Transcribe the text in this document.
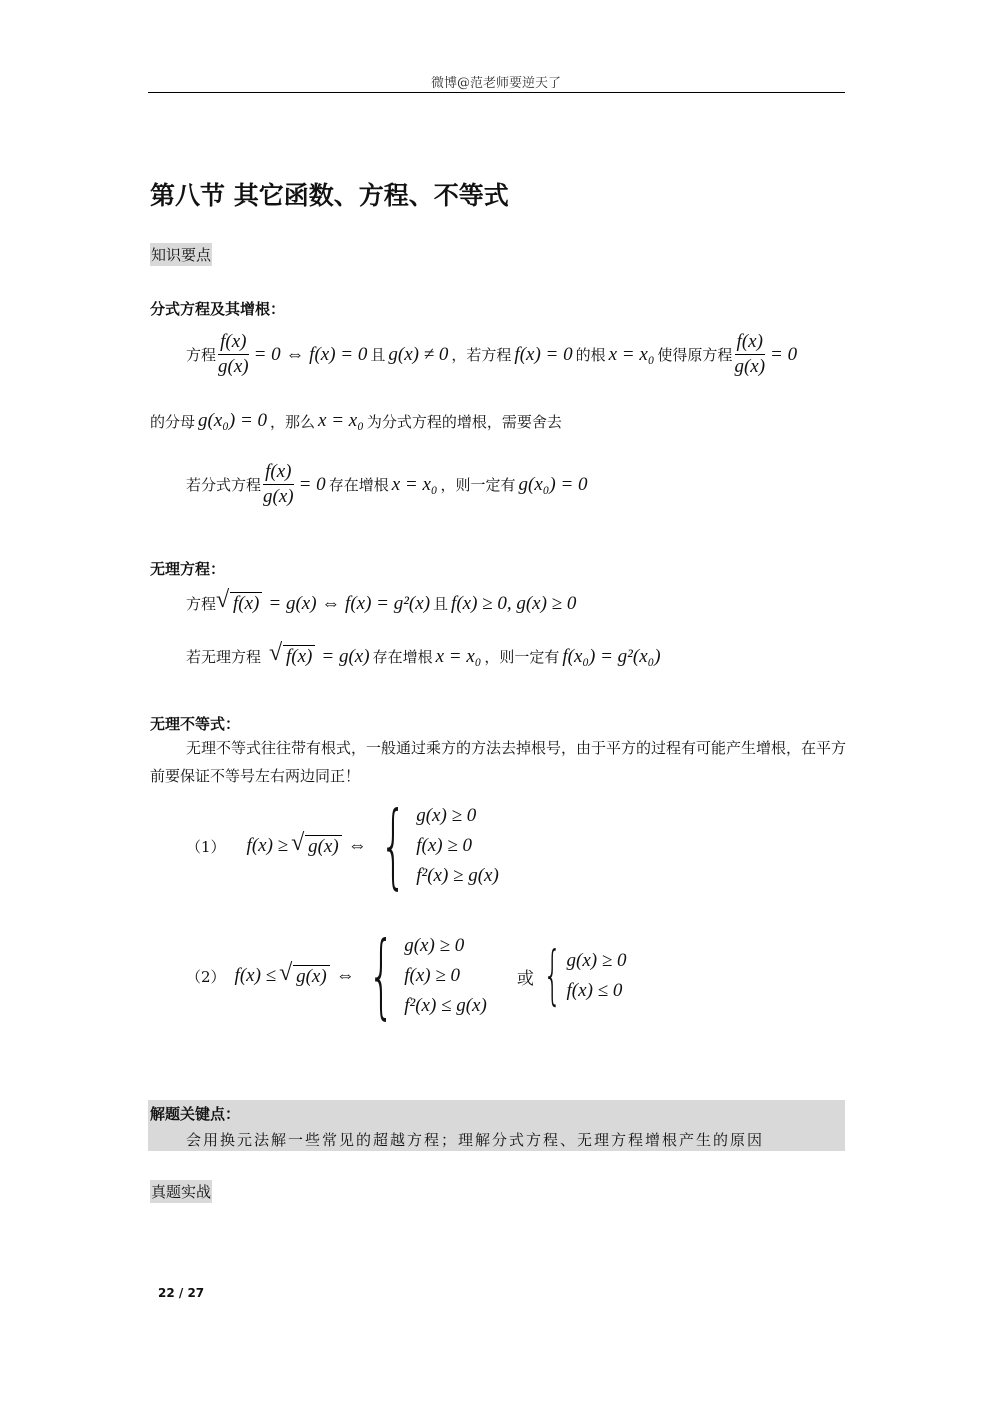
微博@范老师要逆天了
第八节 其它函数、方程、不等式
知识要点
分式方程及其增根：
方程 $\frac{f(x)}{g(x)} = 0$ ⇔ f(x) = 0 且 g(x) ≠ 0 ，若方程 f(x) = 0 的根 x = x₀ 使得原方程 $\frac{f(x)}{g(x)} = 0$
的分母 g(x₀) = 0 ，那么 x = x₀ 为分式方程的增根，需要舍去
若分式方程 $\frac{f(x)}{g(x)} = 0$ 存在增根 x = x₀ ，则一定有 g(x₀) = 0
无理方程：
方程 √ f(x) = g(x) ⇔ f(x) = g²(x) 且 f(x) ≥ 0, g(x) ≥ 0
若无理方程 √ f(x) = g(x) 存在增根 x = x₀ ，则一定有 f(x₀) = g²(x₀)
无理不等式：
无理不等式往往带有根式，一般通过乘方的方法去掉根号，由于平方的过程有可能产生增根，在平方前要保证不等号左右两边同正！
（1） f(x) ≥ √ g(x) ⇔ { g(x) ≥ 0
f(x) ≥ 0
f²(x) ≥ g(x)
（2） f(x) ≤ √ g(x) ⇔ { g(x) ≥ 0
f(x) ≥ 0
f²(x) ≤ g(x)
或 { g(x) ≥ 0
f(x) ≤ 0
解题关键点：
会用换元法解一些常见的超越方程；理解分式方程、无理方程增根产生的原因
真题实战
22 / 27
